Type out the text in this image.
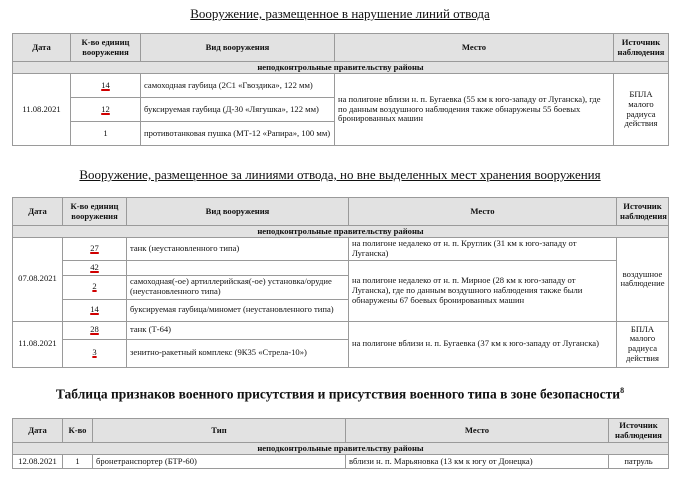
Вооружение, размещенное в нарушение линий отвода
Дата	К-во единиц вооружения	Вид вооружения	Место	Источник наблюдения
неподконтрольные правительству районы				
11.08.2021	14	самоходная гаубица (2С1 «Гвоздика», 122 мм)	на полигоне вблизи н. п. Бугаевка (55 км к юго-западу от Луганска), где по данным воздушного наблюдения также обнаружены 55 боевых бронированных машин	БПЛА малого радиуса действия
	12	буксируемая гаубица (Д-30 «Лягушка», 122 мм)		
	1	противотанковая пушка (МТ-12 «Рапира», 100 мм)		
Вооружение, размещенное за линиями отвода, но вне выделенных мест хранения вооружения
Дата	К-во единиц вооружения	Вид вооружения	Место	Источник наблюдения
неподконтрольные правительству районы				
07.08.2021	27	танк (неустановленного типа)	на полигоне недалеко от н. п. Круглик (31 км к юго-западу от Луганска)	воздушное наблюдение
	42		на полигоне недалеко от н. п. Мирное (28 км к юго-западу от Луганска), где по данным воздушного наблюдения также были обнаружены 67 боевых бронированных машин	
	2	самоходная(-ое) артиллерийская(-ое) установка/орудие (неустановленного типа)		
	14	буксируемая гаубица/миномет (неустановленного типа)		
11.08.2021	28	танк (Т-64)	на полигоне вблизи н. п. Бугаевка (37 км к юго-западу от Луганска)	БПЛА малого радиуса действия
	3	зенитно-ракетный комплекс (9К35 «Стрела-10»)		
Таблица признаков военного присутствия и присутствия военного типа в зоне безопасности$^8$
Дата	К-во	Тип	Место	Источник наблюдения
неподконтрольные правительству районы				
12.08.2021	1	бронетранспортер (БТР-60)	вблизи н. п. Марьяновка (13 км к югу от Донецка)	патруль
